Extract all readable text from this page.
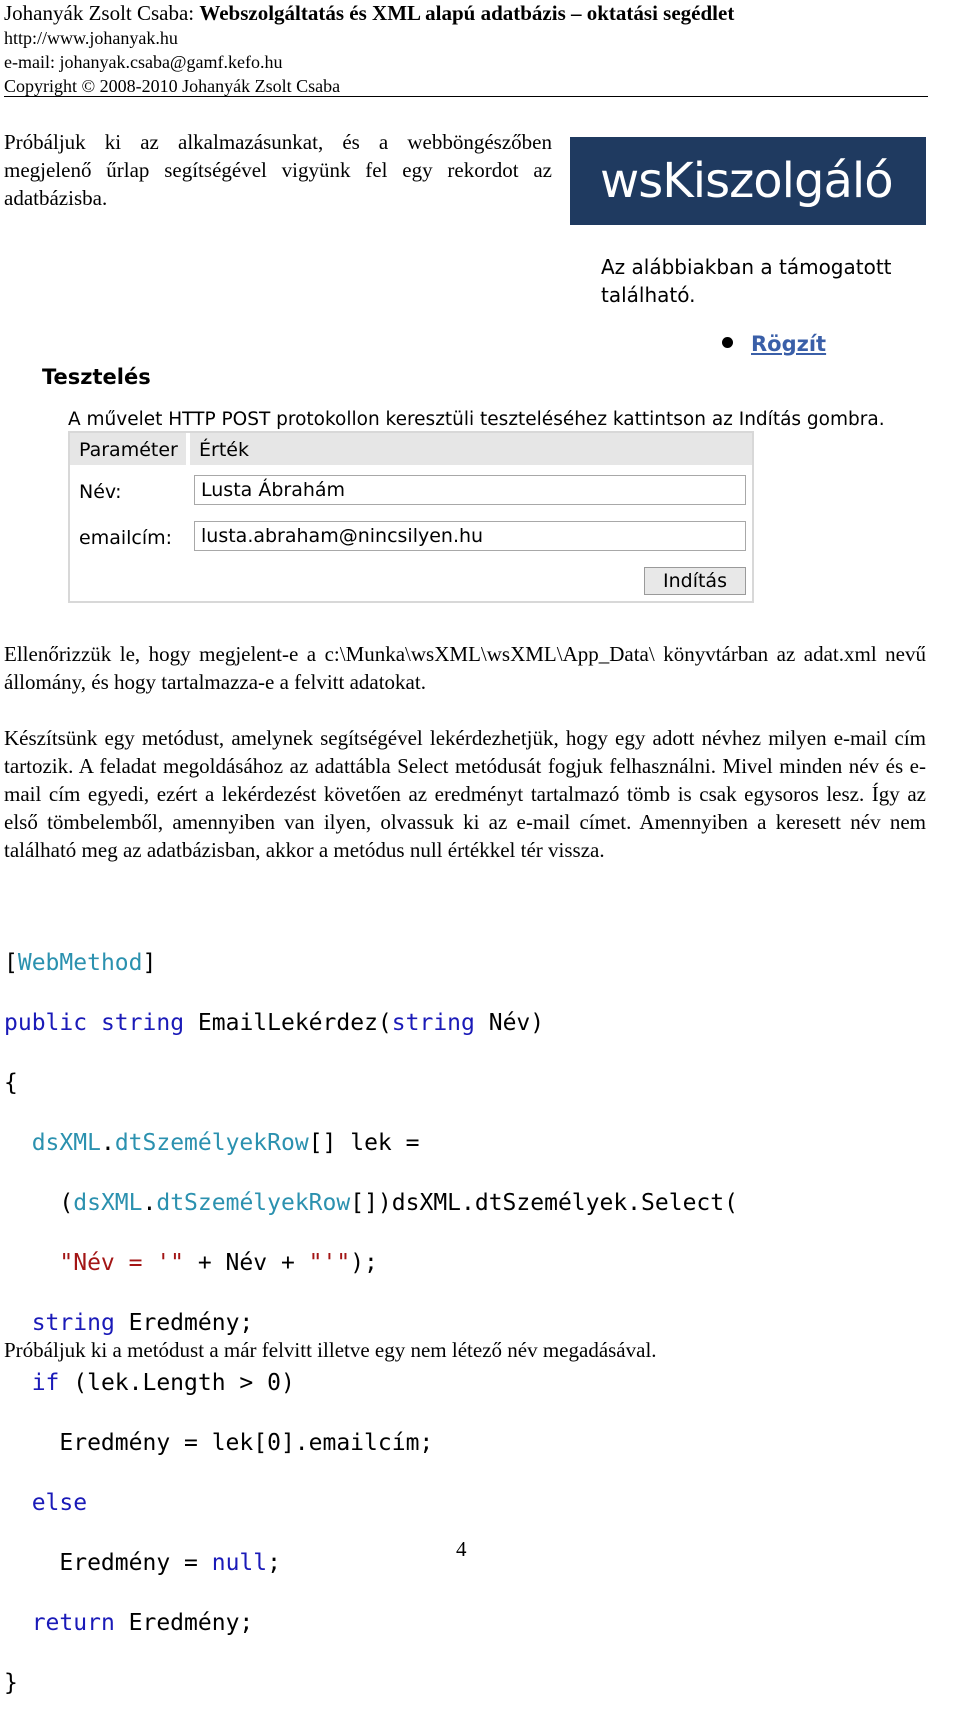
Johanyák Zsolt Csaba: Webszolgáltatás és XML alapú adatbázis – oktatási segédlet
http://www.johanyak.hu
e-mail: johanyak.csaba@gamf.kefo.hu
Copyright © 2008-2010 Johanyák Zsolt Csaba
Próbáljuk ki az alkalmazásunkat, és a webböngészőben megjelenő űrlap segítségével vigyünk fel egy rekordot az adatbázisba.	wsKiszolgáló
Az alábbiakban a támogatott található.
Rögzít
Tesztelés
A művelet HTTP POST protokollon keresztüli teszteléséhez kattintson az Indítás gombra.
Paraméter	Érték
Név:	Lusta Ábrahám
emailcím:	lusta.abraham@nincsilyen.hu
Indítás
Ellenőrizzük le, hogy megjelent-e a c:\Munka\wsXML\wsXML\App_Data\ könyvtárban az adat.xml nevű állomány, és hogy tartalmazza-e a felvitt adatokat.
Készítsünk egy metódust, amelynek segítségével lekérdezhetjük, hogy egy adott névhez milyen e-mail cím tartozik. A feladat megoldásához az adattábla Select metódusát fogjuk felhasználni. Mivel minden név és e-mail cím egyedi, ezért a lekérdezést követően az eredményt tartalmazó tömb is csak egysoros lesz. Így az első tömbelemből, amennyiben van ilyen, olvassuk ki az e-mail címet. Amennyiben a keresett név nem található meg az adatbázisban, akkor a metódus null értékkel tér vissza.

[WebMethod]

public string EmailLekérdez(string Név)

{

dsXML.dtSzemélyekRow[] lek =

(dsXML.dtSzemélyekRow[])dsXML.dtSzemélyek.Select(

"Név = '" + Név + "'");

string Eredmény;

if (lek.Length > 0)

Eredmény = lek[0].emailcím;

else

Eredmény = null;

return Eredmény;

}

Próbáljuk ki a metódust a már felvitt illetve egy nem létező név megadásával.
4
